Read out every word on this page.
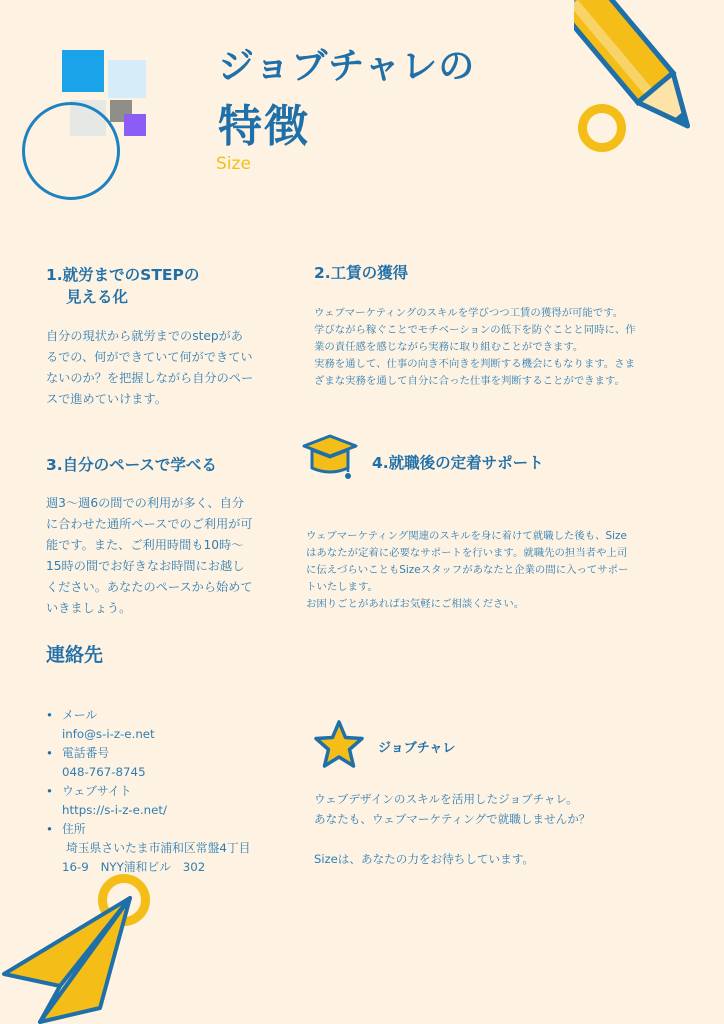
ジョブチャレの
特徴
Size
1.就労までのSTEPの
見える化
自分の現状から就労までのstepがあ
るでの、何ができていて何ができてい
ないのか？を把握しながら自分のペー
スで進めていけます。
2.工賃の獲得
ウェブマーケティングのスキルを学びつつ工賃の獲得が可能です。
学びながら稼ぐことでモチベーションの低下を防ぐことと同時に、作
業の責任感を感じながら実務に取り組むことができます。
実務を通して、仕事の向き不向きを判断する機会にもなります。さま
ざまな実務を通して自分に合った仕事を判断することができます。
3.自分のペースで学べる
週3〜週6の間での利用が多く、自分
に合わせた通所ペースでのご利用が可
能です。また、ご利用時間も10時〜
15時の間でお好きなお時間にお越し
ください。あなたのペースから始めて
いきましょう。
4.就職後の定着サポート
ウェブマーケティング関連のスキルを身に着けて就職した後も、Size
はあなたが定着に必要なサポートを行います。就職先の担当者や上司
に伝えづらいこともSizeスタッフがあなたと企業の間に入ってサポー
トいたします。
お困りごとがあればお気軽にご相談ください。
連絡先
• メール
info@s-i-z-e.net
• 電話番号
048-767-8745
• ウェブサイト
https://s-i-z-e.net/
• 住所
埼玉県さいたま市浦和区常盤4丁目
16-9　NYY浦和ビル　302
ジョブチャレ
ウェブデザインのスキルを活用したジョブチャレ。
あなたも、ウェブマーケティングで就職しませんか？
Sizeは、あなたの力をお待ちしています。
